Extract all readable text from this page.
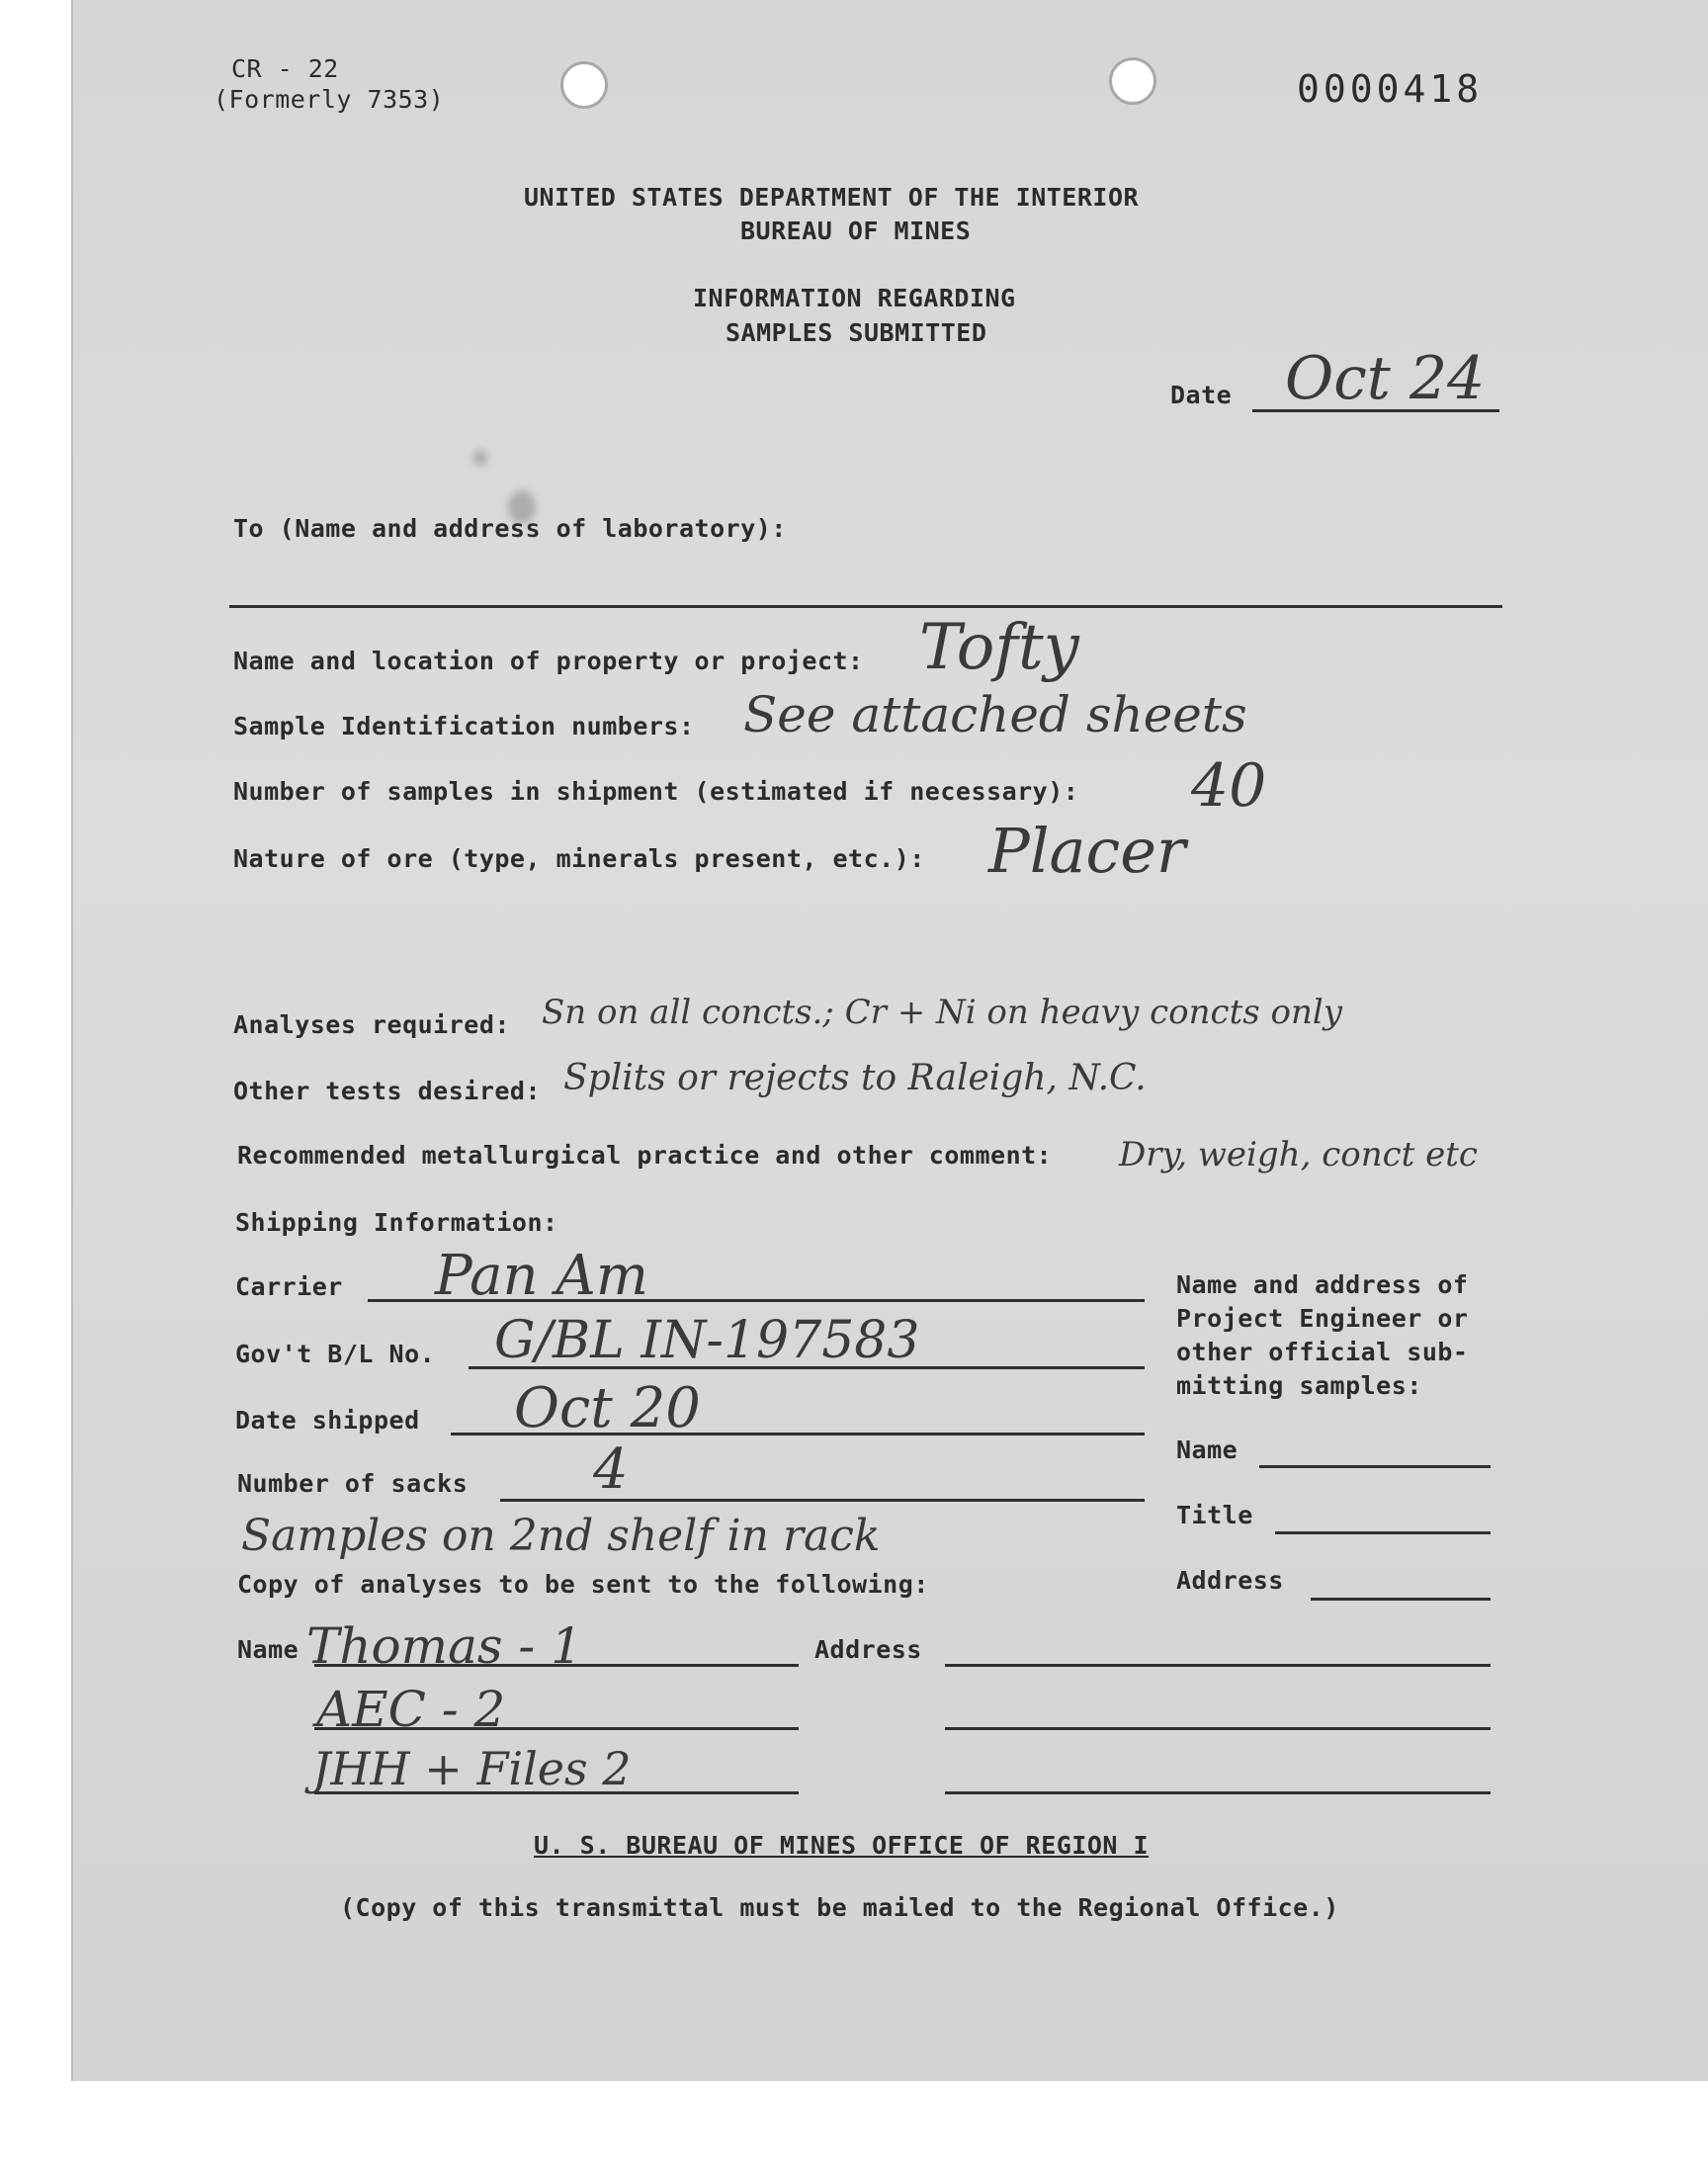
CR - 22
(Formerly 7353)	0000418
UNITED STATES DEPARTMENT OF THE INTERIOR
BUREAU OF MINES
INFORMATION REGARDING
SAMPLES SUBMITTED
Date Oct 24
To (Name and address of laboratory):
Name and location of property or project: Tofty
Sample Identification numbers: See attached sheets
Number of samples in shipment (estimated if necessary): 40
Nature of ore (type, minerals present, etc.): Placer
Analyses required: Sn on all concts.; Cr + Ni on heavy concts only
Other tests desired: Splits or rejects to Raleigh, N.C.
Recommended metallurgical practice and other comment: Dry, weigh, conct etc
Shipping Information:
Carrier Pan Am
Gov't B/L No. G/BL IN-197583
Date shipped Oct 20
Number of sacks 4
Samples on 2nd shelf in rack
Name and address of
Project Engineer or
other official sub-
mitting samples:
Name
Title
Address
Copy of analyses to be sent to the following:
Name Thomas - 1	Address
AEC - 2
JHH + Files 2
U. S. BUREAU OF MINES OFFICE OF REGION I
(Copy of this transmittal must be mailed to the Regional Office.)
